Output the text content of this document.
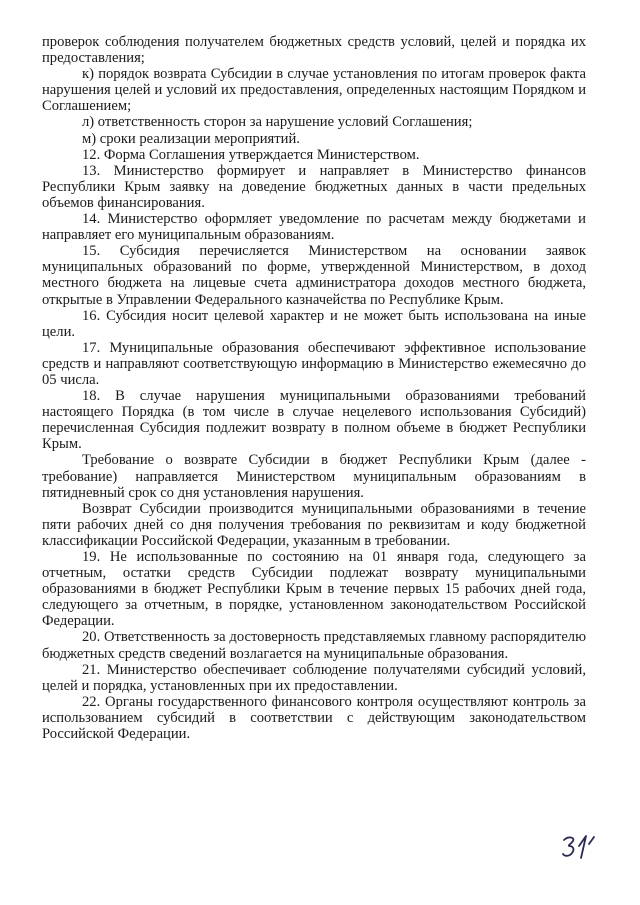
проверок соблюдения получателем бюджетных средств условий, целей и порядка их предоставления;

к) порядок возврата Субсидии в случае установления по итогам проверок факта нарушения целей и условий их предоставления, определенных настоящим Порядком и Соглашением;

л) ответственность сторон за нарушение условий Соглашения;

м) сроки реализации мероприятий.

12. Форма Соглашения утверждается Министерством.

13. Министерство формирует и направляет в Министерство финансов Республики Крым заявку на доведение бюджетных данных в части предельных объемов финансирования.

14. Министерство оформляет уведомление по расчетам между бюджетами и направляет его муниципальным образованиям.

15. Субсидия перечисляется Министерством на основании заявок муниципальных образований по форме, утвержденной Министерством, в доход местного бюджета на лицевые счета администратора доходов местного бюджета, открытые в Управлении Федерального казначейства по Республике Крым.

16. Субсидия носит целевой характер и не может быть использована на иные цели.

17. Муниципальные образования обеспечивают эффективное использование средств и направляют соответствующую информацию в Министерство ежемесячно до 05 числа.

18. В случае нарушения муниципальными образованиями требований настоящего Порядка (в том числе в случае нецелевого использования Субсидий) перечисленная Субсидия подлежит возврату в полном объеме в бюджет Республики Крым.

Требование о возврате Субсидии в бюджет Республики Крым (далее - требование) направляется Министерством муниципальным образованиям в пятидневный срок со дня установления нарушения.

Возврат Субсидии производится муниципальными образованиями в течение пяти рабочих дней со дня получения требования по реквизитам и коду бюджетной классификации Российской Федерации, указанным в требовании.

19. Не использованные по состоянию на 01 января года, следующего за отчетным, остатки средств Субсидии подлежат возврату муниципальными образованиями в бюджет Республики Крым в течение первых 15 рабочих дней года, следующего за отчетным, в порядке, установленном законодательством Российской Федерации.

20. Ответственность за достоверность представляемых главному распорядителю бюджетных средств сведений возлагается на муниципальные образования.

21. Министерство обеспечивает соблюдение получателями субсидий условий, целей и порядка, установленных при их предоставлении.

22. Органы государственного финансового контроля осуществляют контроль за использованием субсидий в соответствии с действующим законодательством Российской Федерации.
